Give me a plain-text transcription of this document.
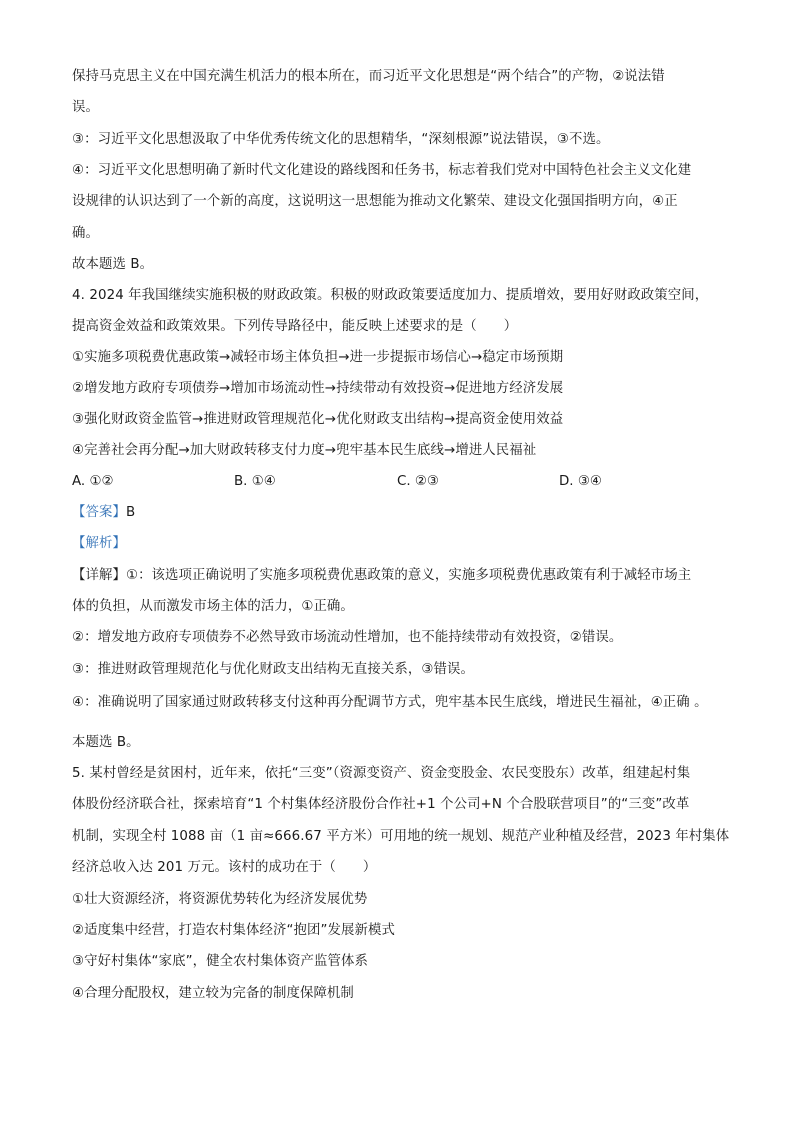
保持马克思主义在中国充满生机活力的根本所在，而习近平文化思想是“两个结合”的产物，②说法错
误。
③：习近平文化思想汲取了中华优秀传统文化的思想精华，“深刻根源”说法错误，③不选。
④：习近平文化思想明确了新时代文化建设的路线图和任务书，标志着我们党对中国特色社会主义文化建
设规律的认识达到了一个新的高度，这说明这一思想能为推动文化繁荣、建设文化强国指明方向，④正
确。
故本题选 B。
4. 2024 年我国继续实施积极的财政政策。积极的财政政策要适度加力、提质增效，要用好财政政策空间，
提高资金效益和政策效果。下列传导路径中，能反映上述要求的是（　　）
①实施多项税费优惠政策→减轻市场主体负担→进一步提振市场信心→稳定市场预期
②增发地方政府专项债券→增加市场流动性→持续带动有效投资→促进地方经济发展
③强化财政资金监管→推进财政管理规范化→优化财政支出结构→提高资金使用效益
④完善社会再分配→加大财政转移支付力度→兜牢基本民生底线→增进人民福祉
A. ①②	B. ①④	C. ②③	D. ③④
【答案】B
【解析】
【详解】①：该选项正确说明了实施多项税费优惠政策的意义，实施多项税费优惠政策有利于减轻市场主
体的负担，从而激发市场主体的活力，①正确。
②：增发地方政府专项债券不必然导致市场流动性增加，也不能持续带动有效投资，②错误。
③：推进财政管理规范化与优化财政支出结构无直接关系，③错误。
④：准确说明了国家通过财政转移支付这种再分配调节方式，兜牢基本民生底线，增进民生福祉，④正确 。
本题选 B。
5. 某村曾经是贫困村，近年来，依托“三变”（资源变资产、资金变股金、农民变股东）改革，组建起村集
体股份经济联合社，探索培育“1 个村集体经济股份合作社+1 个公司+N 个合股联营项目”的“三变”改革
机制，实现全村 1088 亩（1 亩≈666.67 平方米）可用地的统一规划、规范产业种植及经营，2023 年村集体
经济总收入达 201 万元。该村的成功在于（　　）
①壮大资源经济，将资源优势转化为经济发展优势
②适度集中经营，打造农村集体经济“抱团”发展新模式
③守好村集体“家底”，健全农村集体资产监管体系
④合理分配股权，建立较为完备的制度保障机制
